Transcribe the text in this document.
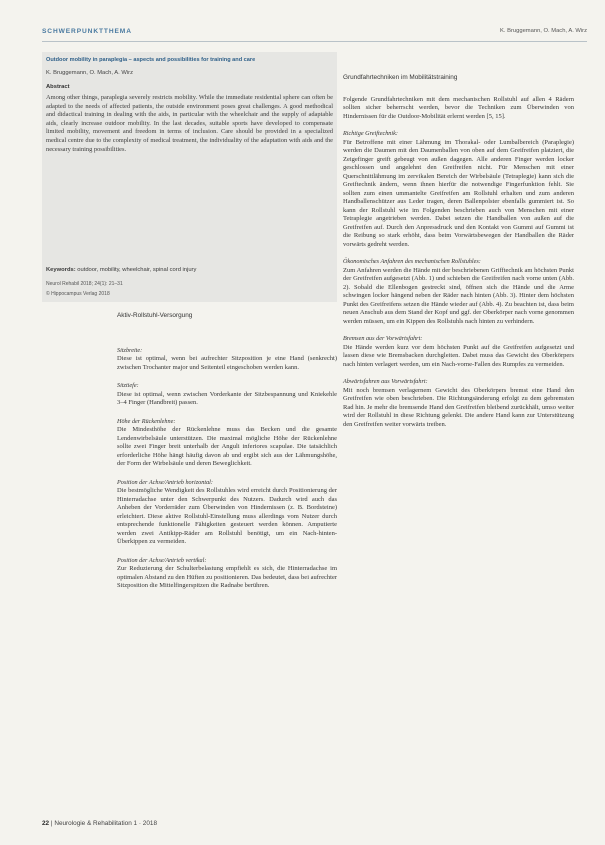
SCHWERPUNKTTHEMA	K. Bruggemann, O. Mach, A. Wirz
Outdoor mobility in paraplegia – aspects and possibilities for training and care
K. Bruggemann, O. Mach, A. Wirz
Abstract
Among other things, paraplegia severely restricts mobility. While the immediate residential sphere can often be adapted to the needs of affected patients, the outside environment poses great challenges. A good methodical and didactical training in dealing with the aids, in particular with the wheelchair and the supply of adaptable aids, clearly increase outdoor mobility. In the last decades, suitable sports have developed to compensate limited mobility, movement and freedom in terms of inclusion. Care should be provided in a specialized medical centre due to the complexity of medical treatment, the individuality of the adaptation with aids and the necessary training possibilities.
Keywords: outdoor, mobility, wheelchair, spinal cord injury
Neurol Rehabil 2018; 24(1): 21–31
© Hippocampus Verlag 2018
Aktiv-Rollstuhl-Versorgung
Sitzbreite:
Diese ist optimal, wenn bei aufrechter Sitzposition je eine Hand (senkrecht) zwischen Trochanter major und Seitenteil eingeschoben werden kann.
Sitztiefe:
Diese ist optimal, wenn zwischen Vorderkante der Sitzbespannung und Kniekehle 3–4 Finger (Handbreit) passen.
Höhe der Rückenlehne:
Die Mindesthöhe der Rückenlehne muss das Becken und die gesamte Lendenwirbelsäule unterstützen. Die maximal mögliche Höhe der Rückenlehne sollte zwei Finger breit unterhalb der Anguli inferiores scapulae. Die tatsächlich erforderliche Höhe hängt häufig davon ab und ergibt sich aus der Lähmungshöhe, der Form der Wirbelsäule und deren Beweglichkeit.
Position der Achse/Antrieb horizontal:
Die bestmögliche Wendigkeit des Rollstuhles wird erreicht durch Positionierung der Hinterradachse unter den Schwerpunkt des Nutzers. Dadurch wird auch das Anheben der Vorderräder zum Überwinden von Hindernissen (z. B. Bordsteine) erleichtert. Diese aktive Rollstuhl-Einstellung muss allerdings vom Nutzer durch entsprechende funktionelle Fähigkeiten gesteuert werden können. Amputierte werden zwei Antikipp-Räder am Rollstuhl benötigt, um ein Nach-hinten-Überkippen zu vermeiden.
Position der Achse/Antrieb vertikal:
Zur Reduzierung der Schulterbelastung empfiehlt es sich, die Hinterradachse im optimalen Abstand zu den Hüften zu positionieren. Das bedeutet, dass bei aufrechter Sitzposition die Mittelfingerspitzen die Radnabe berühren.
Grundfahrtechniken im Mobilitätstraining
Folgende Grundfahrtechniken mit dem mechanischen Rollstuhl auf allen 4 Rädern sollten sicher beherrscht werden, bevor die Techniken zum Überwinden von Hindernissen für die Outdoor-Mobilität erlernt werden [5, 15].
Richtige Greiftechnik:
Für Betroffene mit einer Lähmung im Thorakal- oder Lumbalbereich (Paraplegie) werden die Daumen mit den Daumenballen von oben auf dem Greifreifen platziert, die Zeigefinger greift gebeugt von außen dagegen. Alle anderen Finger werden locker geschlossen und angelehnt den Greifreifen nicht. Für Menschen mit einer Querschnittlähmung im zervikalen Bereich der Wirbelsäule (Tetraplegie) kann sich die Greiftechnik ändern, wenn ihnen hierfür die notwendige Fingerfunktion fehlt. Sie sollten zum einen ummantelte Greifreifen am Rollstuhl erhalten und zum anderen Handballenschützer aus Leder tragen, deren Ballenpolster ebenfalls gummiert ist. So kann der Rollstuhl wie im Folgenden beschrieben auch von Menschen mit einer Tetraplegie angetrieben werden. Dabei setzen die Handballen von außen auf die Greifreifen auf. Durch den Anpressdruck und den Kontakt von Gummi auf Gummi ist die Reibung so stark erhöht, dass beim Vorwärtsbewegen der Handballen die Räder vorwärts gedreht werden.
Ökonomisches Anfahren des mechanischen Rollstuhles:
Zum Anfahren werden die Hände mit der beschriebenen Grifftechnik am höchsten Punkt der Greifreifen aufgesetzt (Abb. 1) und schieben die Greifreifen nach vorne unten (Abb. 2). Sobald die Ellenbogen gestreckt sind, öffnen sich die Hände und die Arme schwingen locker hängend neben der Räder nach hinten (Abb. 3). Hinter dem höchsten Punkt des Greifreifens setzen die Hände wieder auf (Abb. 4). Zu beachten ist, dass beim neuen Anschub aus dem Stand der Kopf und ggf. der Oberkörper nach vorne genommen werden müssen, um ein Kippen des Rollstuhls nach hinten zu verhindern.
Bremsen aus der Vorwärtsfahrt:
Die Hände werden kurz vor dem höchsten Punkt auf die Greifreifen aufgesetzt und lassen diese wie Bremsbacken durchgleiten. Dabei muss das Gewicht des Oberkörpers nach hinten verlagert werden, um ein Nach-vorne-Fallen des Rumpfes zu vermeiden.
Abwärtsfahren aus Vorwärtsfahrt:
Mit noch bremsen verlagernem Gewicht des Oberkörpers bremst eine Hand den Greifreifen wie oben beschrieben. Die Richtungsänderung erfolgt zu dem gebremsten Rad hin. Je mehr die bremsende Hand den Greifreifen bleibend zurückhält, umso weiter wird der Rollstuhl in diese Richtung gelenkt. Die andere Hand kann zur Unterstützung den Greifreifen weiter vorwärts treiben.
22 | Neurologie & Rehabilitation 1 · 2018
